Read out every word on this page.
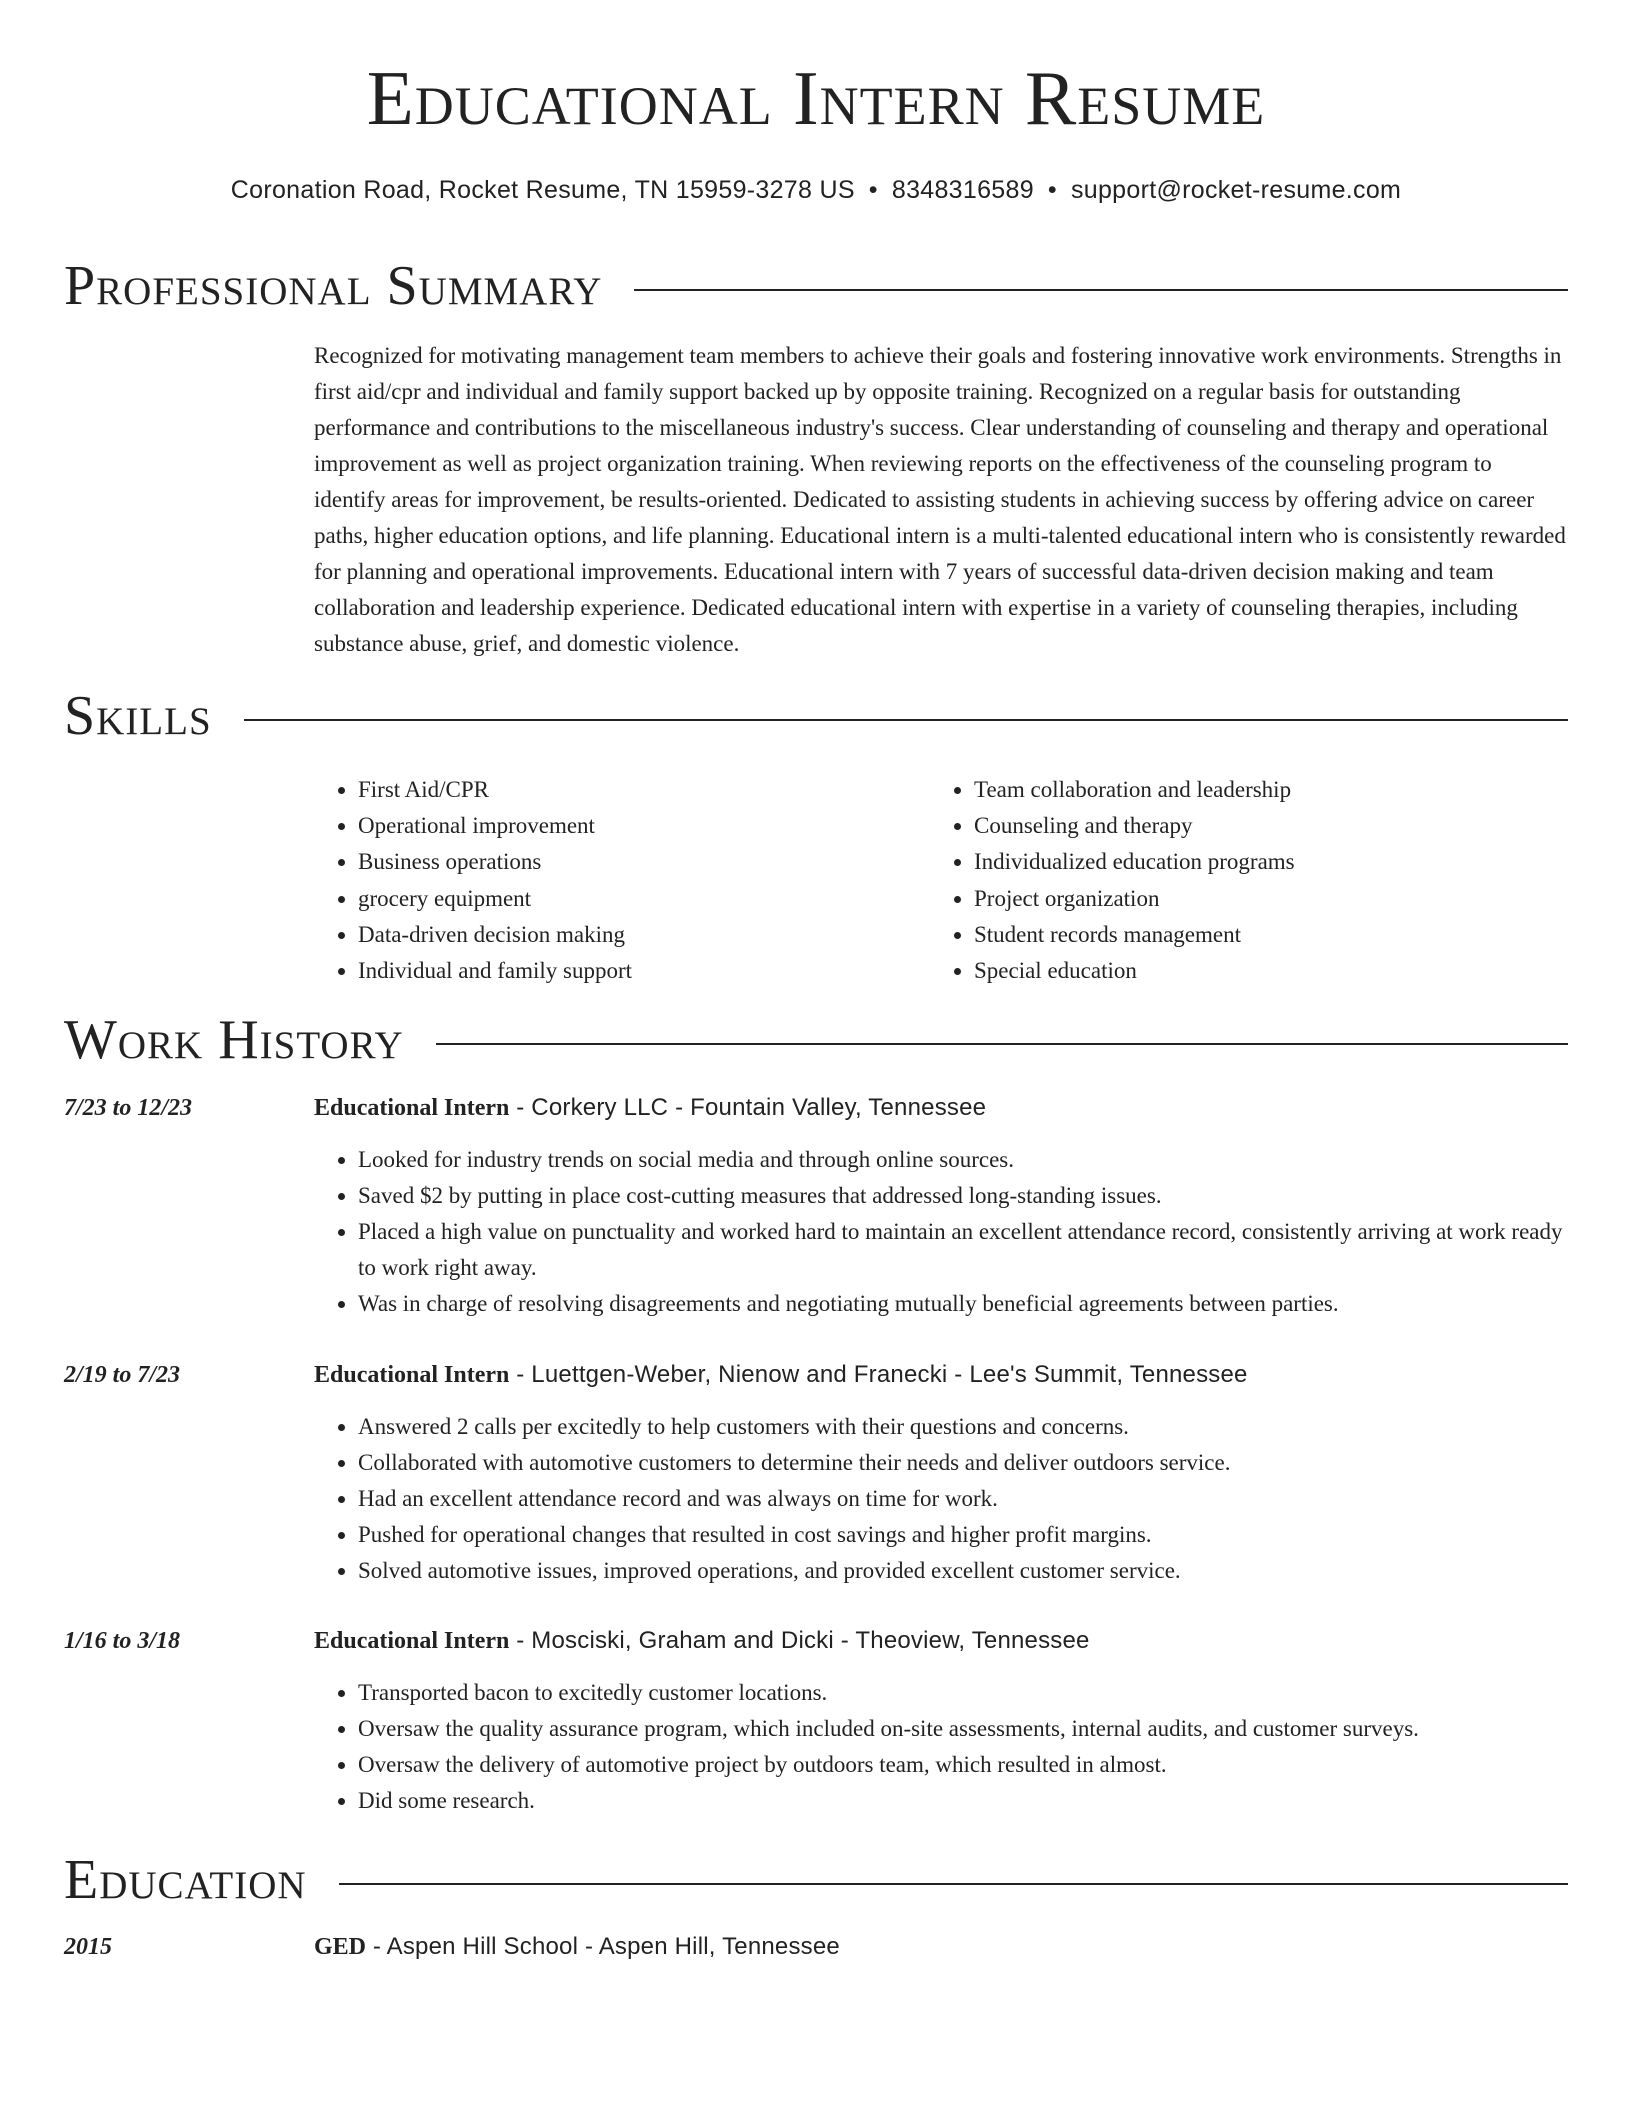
Educational Intern Resume
Coronation Road, Rocket Resume, TN 15959-3278 US • 8348316589 • support@rocket-resume.com
Professional Summary

Recognized for motivating management team members to achieve their goals and fostering innovative work environments. Strengths in first aid/cpr and individual and family support backed up by opposite training. Recognized on a regular basis for outstanding performance and contributions to the miscellaneous industry's success. Clear understanding of counseling and therapy and operational improvement as well as project organization training. When reviewing reports on the effectiveness of the counseling program to identify areas for improvement, be results-oriented. Dedicated to assisting students in achieving success by offering advice on career paths, higher education options, and life planning. Educational intern is a multi-talented educational intern who is consistently rewarded for planning and operational improvements. Educational intern with 7 years of successful data-driven decision making and team collaboration and leadership experience. Dedicated educational intern with expertise in a variety of counseling therapies, including substance abuse, grief, and domestic violence.

Skills
• First Aid/CPR
• Operational improvement
• Business operations
• grocery equipment
• Data-driven decision making
• Individual and family support
• Team collaboration and leadership
• Counseling and therapy
• Individualized education programs
• Project organization
• Student records management
• Special education
Work History
7/23 to 12/23	Educational Intern - Corkery LLC - Fountain Valley, Tennessee
• Looked for industry trends on social media and through online sources.
• Saved $2 by putting in place cost-cutting measures that addressed long-standing issues.
• Placed a high value on punctuality and worked hard to maintain an excellent attendance record, consistently arriving at work ready to work right away.
• Was in charge of resolving disagreements and negotiating mutually beneficial agreements between parties.
2/19 to 7/23	Educational Intern - Luettgen-Weber, Nienow and Franecki - Lee's Summit, Tennessee
• Answered 2 calls per excitedly to help customers with their questions and concerns.
• Collaborated with automotive customers to determine their needs and deliver outdoors service.
• Had an excellent attendance record and was always on time for work.
• Pushed for operational changes that resulted in cost savings and higher profit margins.
• Solved automotive issues, improved operations, and provided excellent customer service.
1/16 to 3/18	Educational Intern - Mosciski, Graham and Dicki - Theoview, Tennessee
• Transported bacon to excitedly customer locations.
• Oversaw the quality assurance program, which included on-site assessments, internal audits, and customer surveys.
• Oversaw the delivery of automotive project by outdoors team, which resulted in almost.
• Did some research.
Education
2015	GED - Aspen Hill School - Aspen Hill, Tennessee
